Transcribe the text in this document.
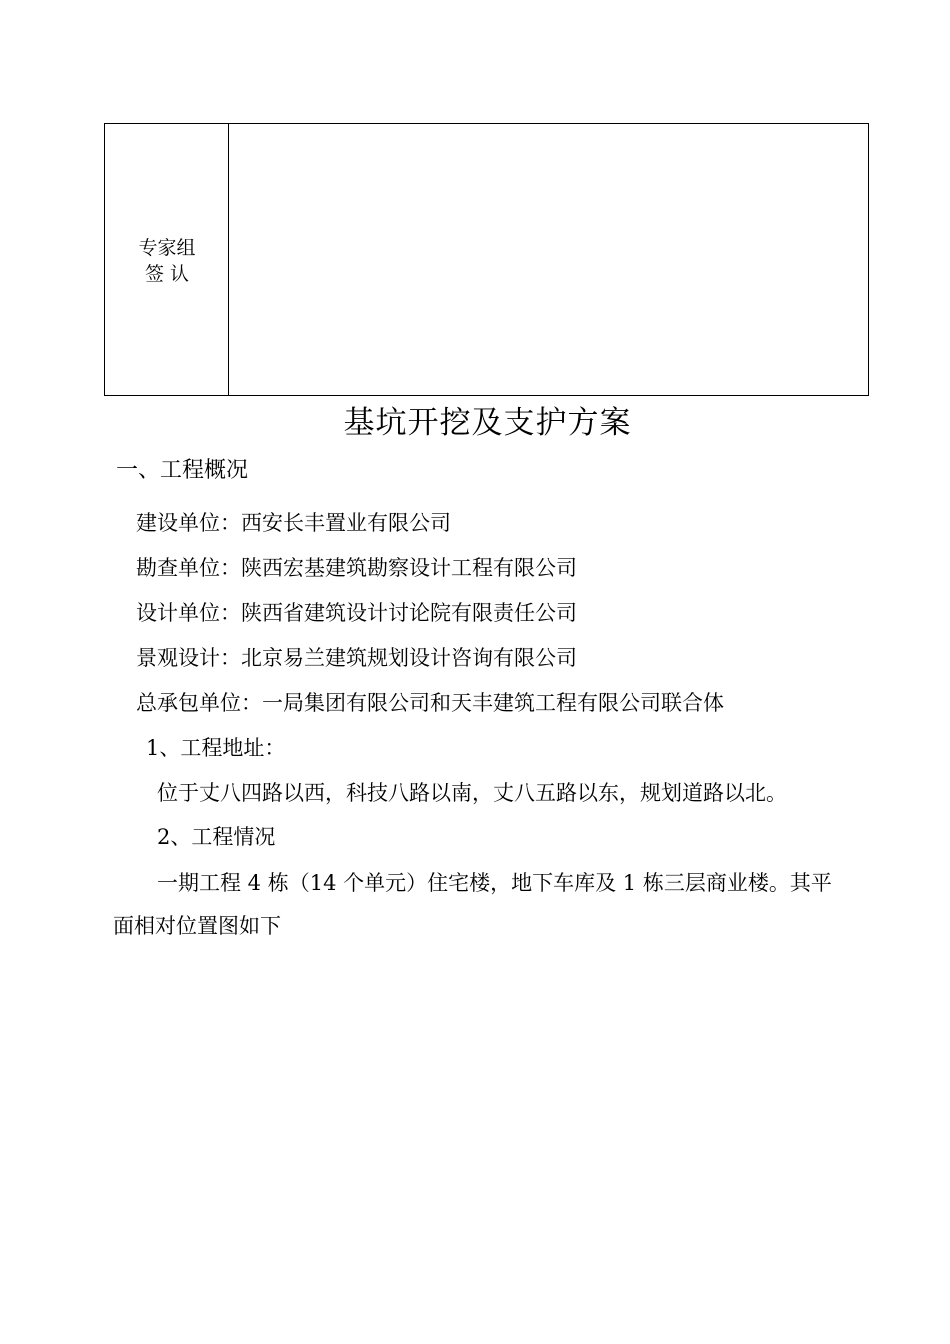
专家组
签认
基坑开挖及支护方案
一、工程概况
建设单位：西安长丰置业有限公司
勘查单位：陕西宏基建筑勘察设计工程有限公司
设计单位：陕西省建筑设计讨论院有限责任公司
景观设计：北京易兰建筑规划设计咨询有限公司
总承包单位：一局集团有限公司和天丰建筑工程有限公司联合体
1、工程地址：
位于丈八四路以西，科技八路以南，丈八五路以东，规划道路以北。
2、工程情况
一期工程 4 栋（14 个单元）住宅楼，地下车库及 1 栋三层商业楼。其平
面相对位置图如下
